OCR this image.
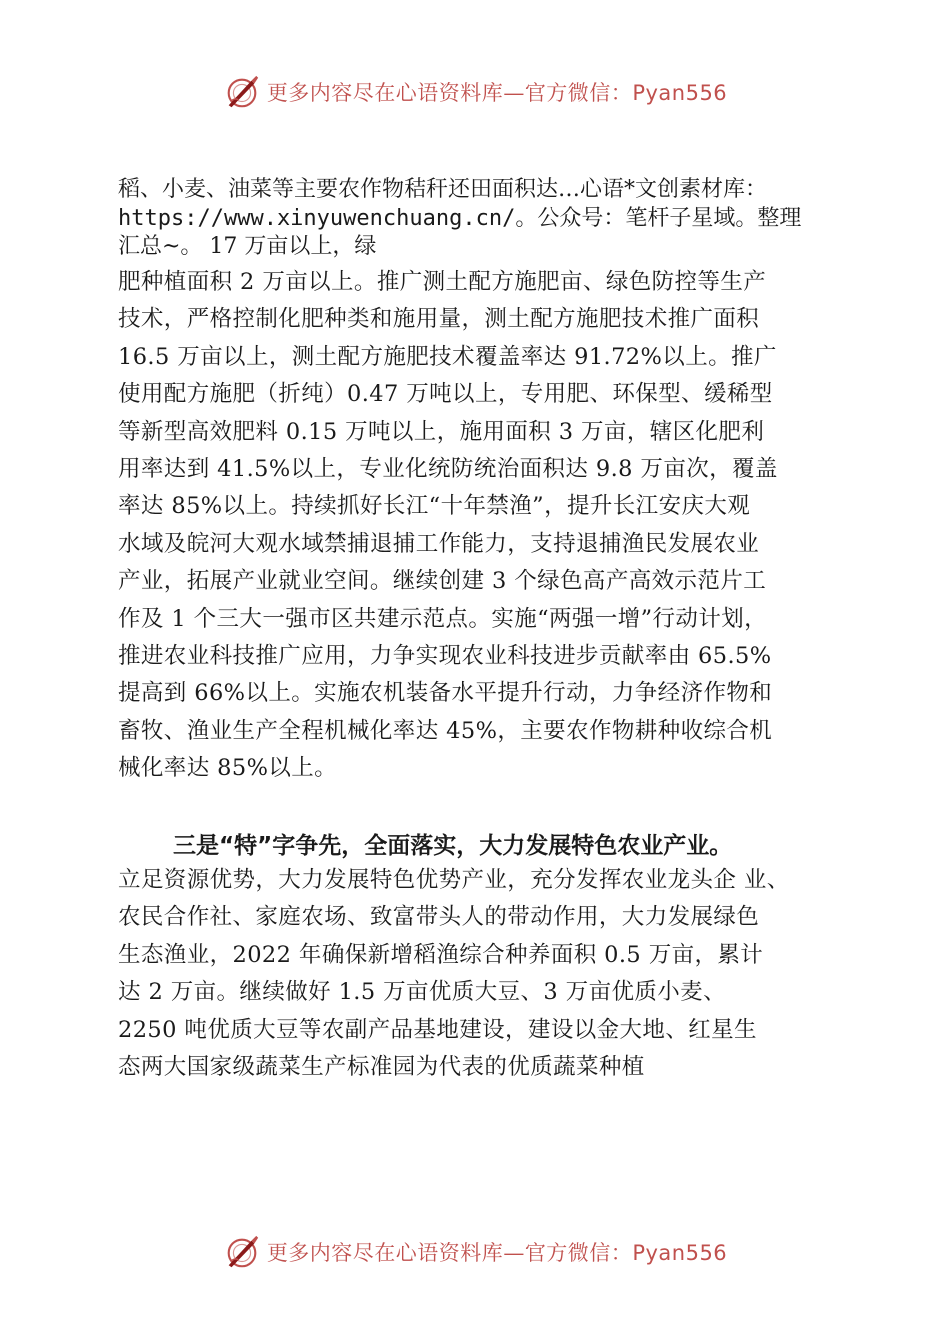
更多内容尽在心语资料库—官方微信：Pyan556
稻、小麦、油菜等主要农作物秸秆还田面积达…心语*文创素材库：
https://www.xinyuwenchuang.cn/。公众号：笔杆子星域。整理
汇总~。 17 万亩以上，绿
肥种植面积 2 万亩以上。推广测土配方施肥亩、绿色防控等生产
技术，严格控制化肥种类和施用量，测土配方施肥技术推广面积
16.5 万亩以上，测土配方施肥技术覆盖率达 91.72%以上。推广
使用配方施肥（折纯）0.47 万吨以上，专用肥、环保型、缓稀型
等新型高效肥料 0.15 万吨以上，施用面积 3 万亩，辖区化肥利
用率达到 41.5%以上，专业化统防统治面积达 9.8 万亩次，覆盖
率达 85%以上。持续抓好长江“十年禁渔”，提升长江安庆大观
水域及皖河大观水域禁捕退捕工作能力，支持退捕渔民发展农业
产业，拓展产业就业空间。继续创建 3 个绿色高产高效示范片工
作及 1 个三大一强市区共建示范点。实施“两强一增”行动计划，
推进农业科技推广应用，力争实现农业科技进步贡献率由 65.5%
提高到 66%以上。实施农机装备水平提升行动，力争经济作物和
畜牧、渔业生产全程机械化率达 45%，主要农作物耕种收综合机
械化率达 85%以上。
三是“特”字争先，全面落实，大力发展特色农业产业。
立足资源优势，大力发展特色优势产业，充分发挥农业龙头企 业、
农民合作社、家庭农场、致富带头人的带动作用，大力发展绿色
生态渔业，2022 年确保新增稻渔综合种养面积 0.5 万亩，累计
达 2 万亩。继续做好 1.5 万亩优质大豆、3 万亩优质小麦、
2250 吨优质大豆等农副产品基地建设，建设以金大地、红星生
态两大国家级蔬菜生产标准园为代表的优质蔬菜种植
更多内容尽在心语资料库—官方微信：Pyan556
